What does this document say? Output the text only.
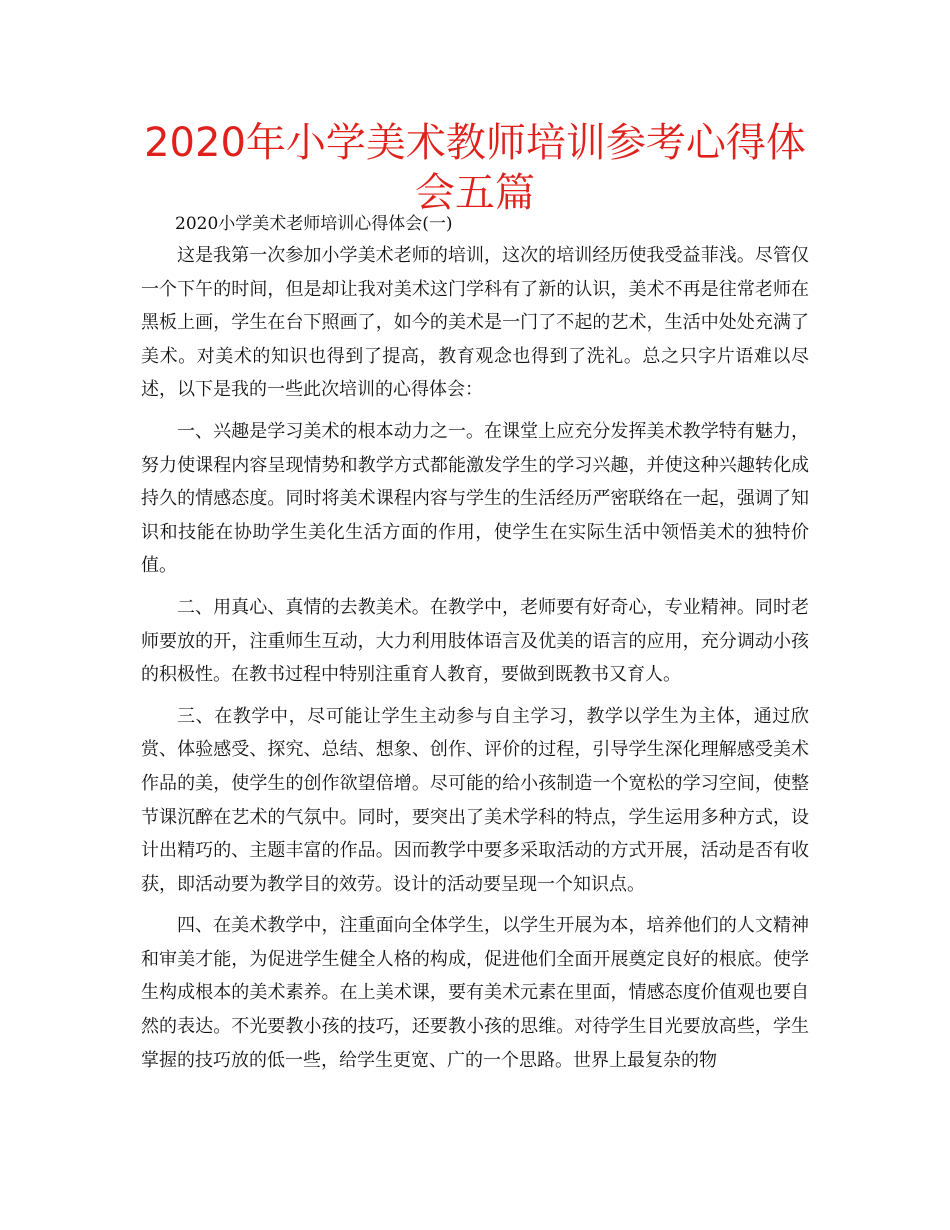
2020年小学美术教师培训参考心得体会五篇

2020小学美术老师培训心得体会(一)

这是我第一次参加小学美术老师的培训，这次的培训经历使我受益菲浅。尽管仅一个下午的时间，但是却让我对美术这门学科有了新的认识，美术不再是往常老师在黑板上画，学生在台下照画了，如今的美术是一门了不起的艺术，生活中处处充满了美术。对美术的知识也得到了提高，教育观念也得到了洗礼。总之只字片语难以尽述，以下是我的一些此次培训的心得体会：

一、兴趣是学习美术的根本动力之一。在课堂上应充分发挥美术教学特有魅力，努力使课程内容呈现情势和教学方式都能激发学生的学习兴趣，并使这种兴趣转化成持久的情感态度。同时将美术课程内容与学生的生活经历严密联络在一起，强调了知识和技能在协助学生美化生活方面的作用，使学生在实际生活中领悟美术的独特价值。

二、用真心、真情的去教美术。在教学中，老师要有好奇心，专业精神。同时老师要放的开，注重师生互动，大力利用肢体语言及优美的语言的应用，充分调动小孩的积极性。在教书过程中特别注重育人教育，要做到既教书又育人。

三、在教学中，尽可能让学生主动参与自主学习，教学以学生为主体，通过欣赏、体验感受、探究、总结、想象、创作、评价的过程，引导学生深化理解感受美术作品的美，使学生的创作欲望倍增。尽可能的给小孩制造一个宽松的学习空间，使整节课沉醉在艺术的气氛中。同时，要突出了美术学科的特点，学生运用多种方式，设计出精巧的、主题丰富的作品。因而教学中要多采取活动的方式开展，活动是否有收获，即活动要为教学目的效劳。设计的活动要呈现一个知识点。

四、在美术教学中，注重面向全体学生，以学生开展为本，培养他们的人文精神和审美才能，为促进学生健全人格的构成，促进他们全面开展奠定良好的根底。使学生构成根本的美术素养。在上美术课，要有美术元素在里面，情感态度价值观也要自然的表达。不光要教小孩的技巧，还要教小孩的思维。对待学生目光要放高些，学生掌握的技巧放的低一些，给学生更宽、广的一个思路。世界上最复杂的物
